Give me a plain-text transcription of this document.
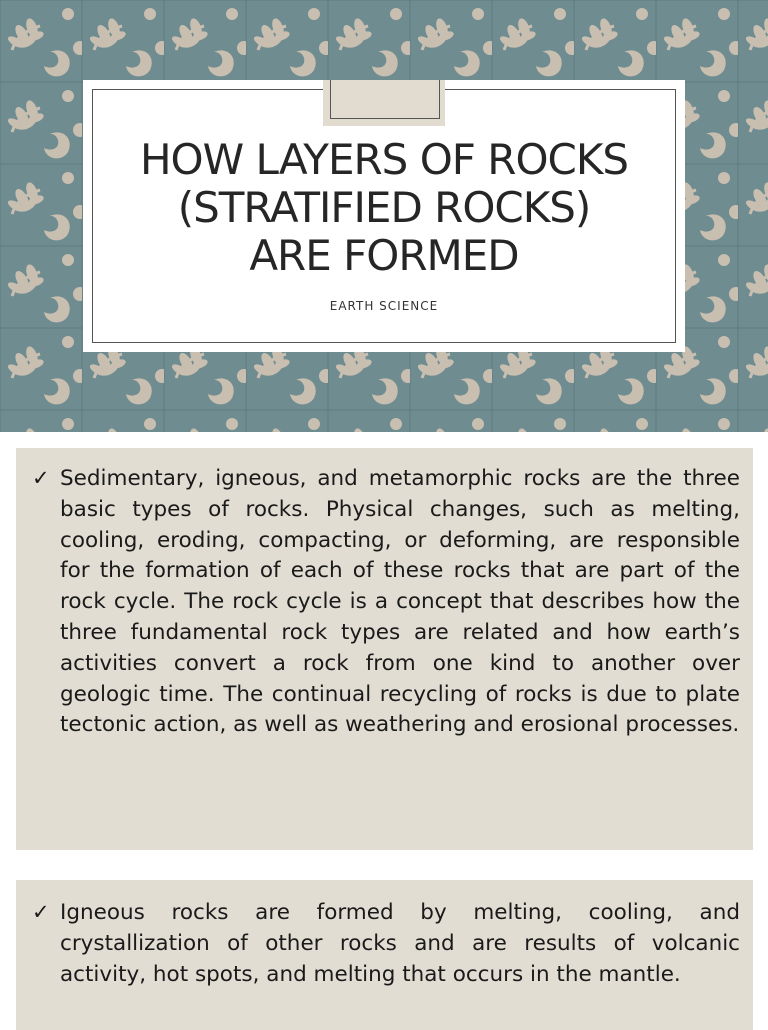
HOW LAYERS OF ROCKS
(STRATIFIED ROCKS)
ARE FORMED
EARTH SCIENCE
✓ Sedimentary, igneous, and metamorphic rocks are the three basic types of rocks. Physical changes, such as melting, cooling, eroding, compacting, or deforming, are responsible for the formation of each of these rocks that are part of the rock cycle. The rock cycle is a concept that describes how the three fundamental rock types are related and how earth’s activities convert a rock from one kind to another over geologic time. The continual recycling of rocks is due to plate tectonic action, as well as weathering and erosional processes.
✓ Igneous rocks are formed by melting, cooling, and crystallization of other rocks and are results of volcanic activity, hot spots, and melting that occurs in the mantle.
